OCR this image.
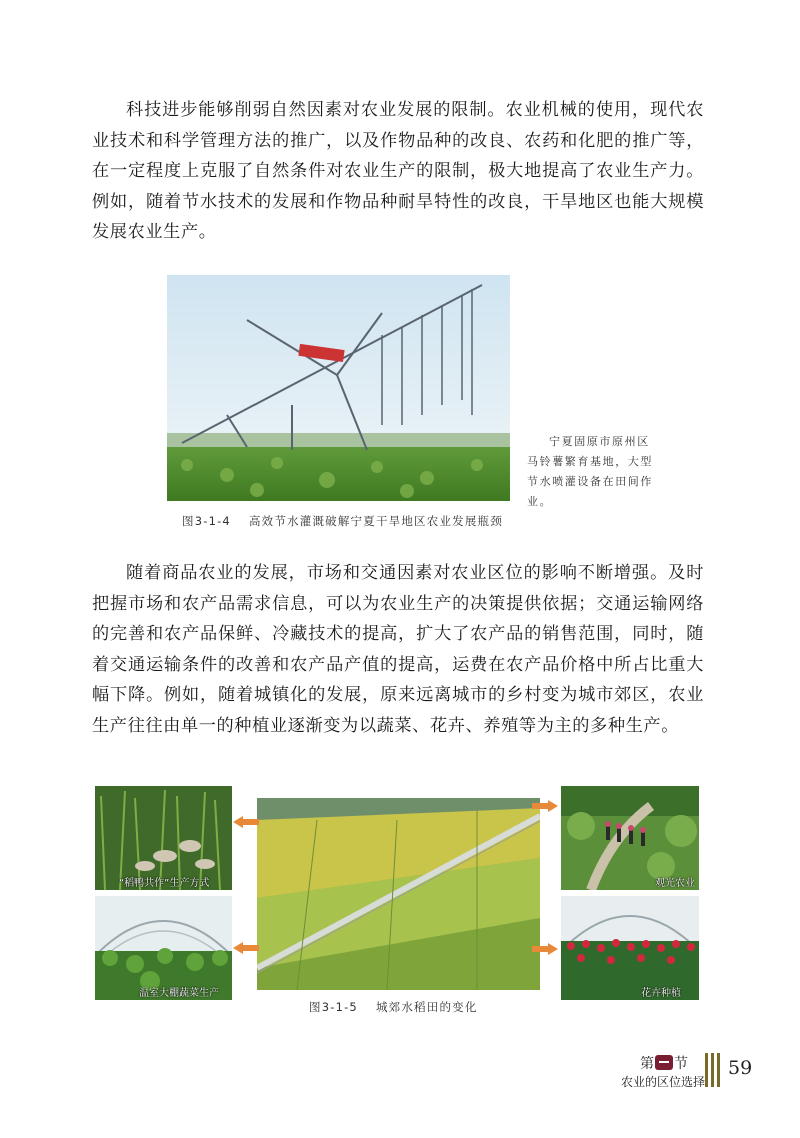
科技进步能够削弱自然因素对农业发展的限制。农业机械的使用，现代农业技术和科学管理方法的推广，以及作物品种的改良、农药和化肥的推广等，在一定程度上克服了自然条件对农业生产的限制，极大地提高了农业生产力。例如，随着节水技术的发展和作物品种耐旱特性的改良，干旱地区也能大规模发展农业生产。

宁夏固原市原州区马铃薯繁育基地，大型节水喷灌设备在田间作业。

图3-1-4 高效节水灌溉破解宁夏干旱地区农业发展瓶颈

随着商品农业的发展，市场和交通因素对农业区位的影响不断增强。及时把握市场和农产品需求信息，可以为农业生产的决策提供依据；交通运输网络的完善和农产品保鲜、冷藏技术的提高，扩大了农产品的销售范围，同时，随着交通运输条件的改善和农产品产值的提高，运费在农产品价格中所占比重大幅下降。例如，随着城镇化的发展，原来远离城市的乡村变为城市郊区，农业生产往往由单一的种植业逐渐变为以蔬菜、花卉、养殖等为主的多种生产。

“稻鸭共作”生产方式
温室大棚蔬菜生产
观光农业
花卉种植
图3-1-5 城郊水稻田的变化
第 节
农业的区位选择
59
